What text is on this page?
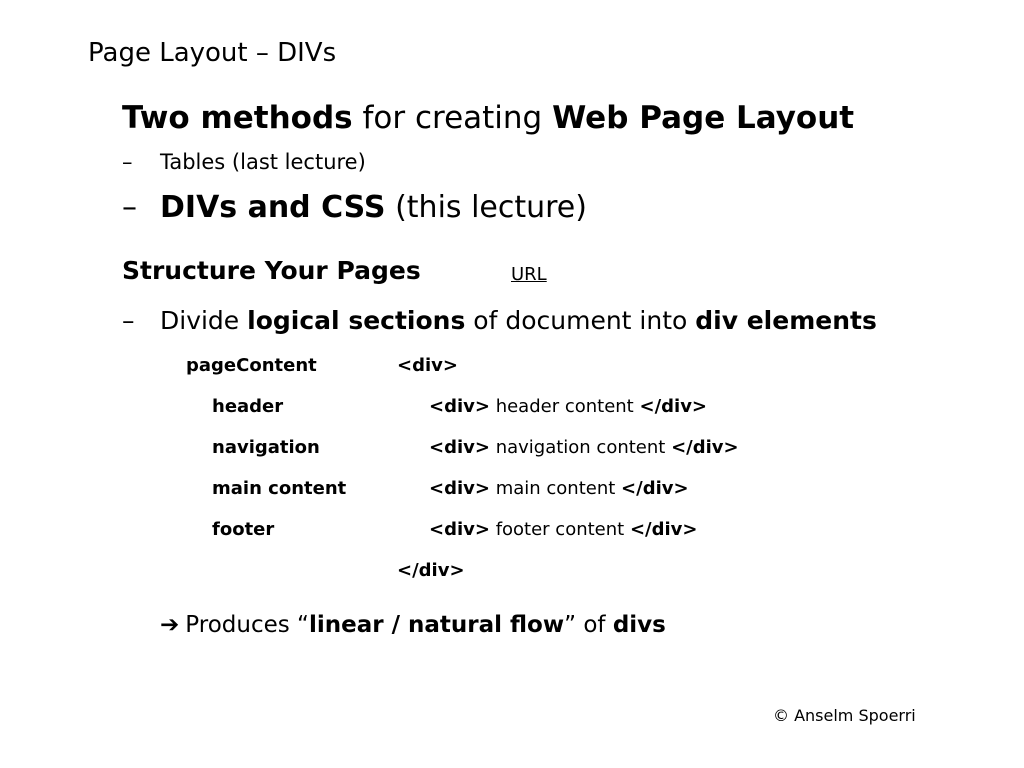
Page Layout – DIVs
Two methods for creating Web Page Layout
– Tables (last lecture)
– DIVs and CSS (this lecture)
Structure Your Pages	URL
– Divide logical sections of document into div elements
pageContent	<div>
header	<div> header content </div>
navigation	<div> navigation content </div>
main content	<div> main content </div>
footer	<div> footer content </div>
</div>
➔ Produces “linear / natural flow” of divs
© Anselm Spoerri
